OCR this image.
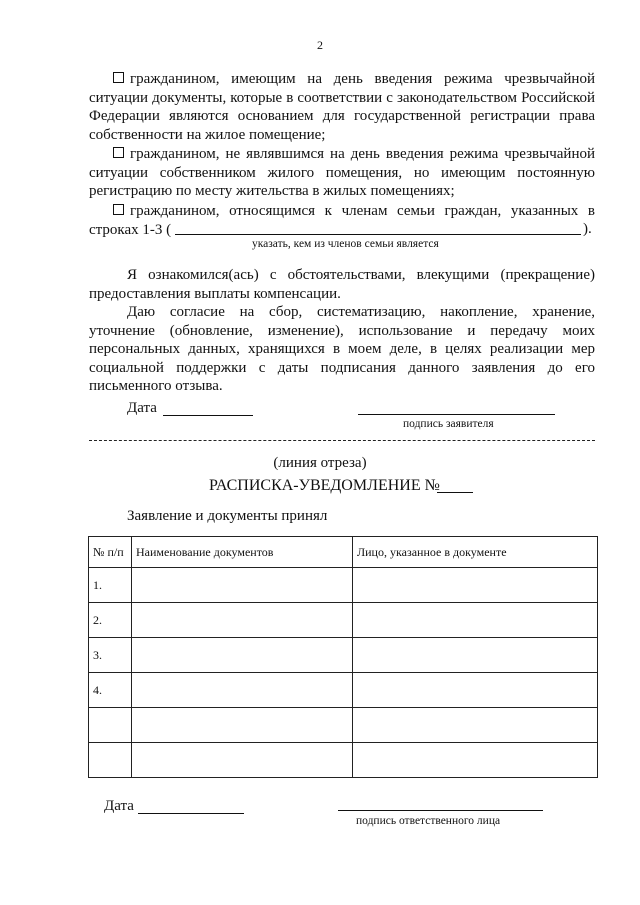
2
гражданином, имеющим на день введения режима чрезвычайной ситуации документы, которые в соответствии с законодательством Российской Федерации являются основанием для государственной регистрации права собственности на жилое помещение;
гражданином, не являвшимся на день введения режима чрезвычайной ситуации собственником жилого помещения, но имеющим постоянную регистрацию по месту жительства в жилых помещениях;
гражданином, относящимся к членам семьи граждан, указанных в строках 1-3 (	).
указать, кем из членов семьи является
Я ознакомился(ась) с обстоятельствами, влекущими (прекращение) предоставления выплаты компенсации.
Даю согласие на сбор, систематизацию, накопление, хранение, уточнение (обновление, изменение), использование и передачу моих персональных данных, хранящихся в моем деле, в целях реализации мер социальной поддержки с даты подписания данного заявления до его письменного отзыва.
Дата
подпись заявителя
(линия отреза)
РАСПИСКА-УВЕДОМЛЕНИЕ №
Заявление и документы принял
№ п/п	Наименование документов	Лицо, указанное в документе
1.		
2.		
3.		
4.		

Дата
подпись ответственного лица
